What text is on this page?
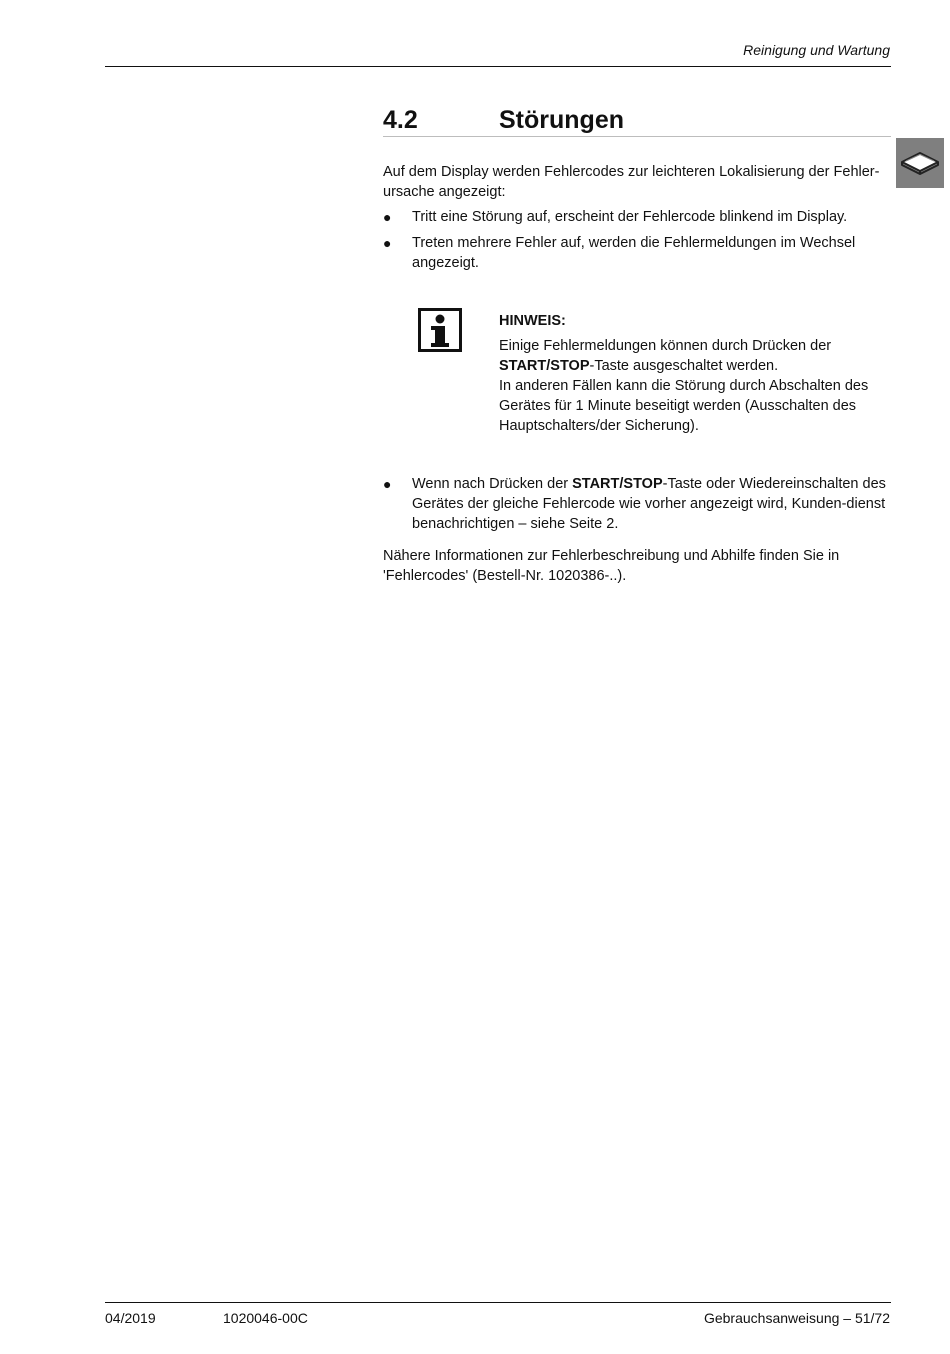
Reinigung und Wartung
4.2	Störungen

Auf dem Display werden Fehlercodes zur leichteren Lokalisierung der Fehler-ursache angezeigt:

● Tritt eine Störung auf, erscheint der Fehlercode blinkend im Display.
● Treten mehrere Fehler auf, werden die Fehlermeldungen im Wechsel angezeigt.
HINWEIS:
Einige Fehlermeldungen können durch Drücken der
START/STOP-Taste ausgeschaltet werden.
In anderen Fällen kann die Störung durch Abschalten des Gerätes für 1 Minute beseitigt werden (Ausschalten des Hauptschalters/der Sicherung).
● Wenn nach Drücken der START/STOP-Taste oder Wiedereinschalten des Gerätes der gleiche Fehlercode wie vorher angezeigt wird, Kunden-dienst benachrichtigen – siehe Seite 2.

Nähere Informationen zur Fehlerbeschreibung und Abhilfe finden Sie in 'Fehlercodes' (Bestell-Nr. 1020386-..).

04/2019	1020046-00C	Gebrauchsanweisung – 51/72
